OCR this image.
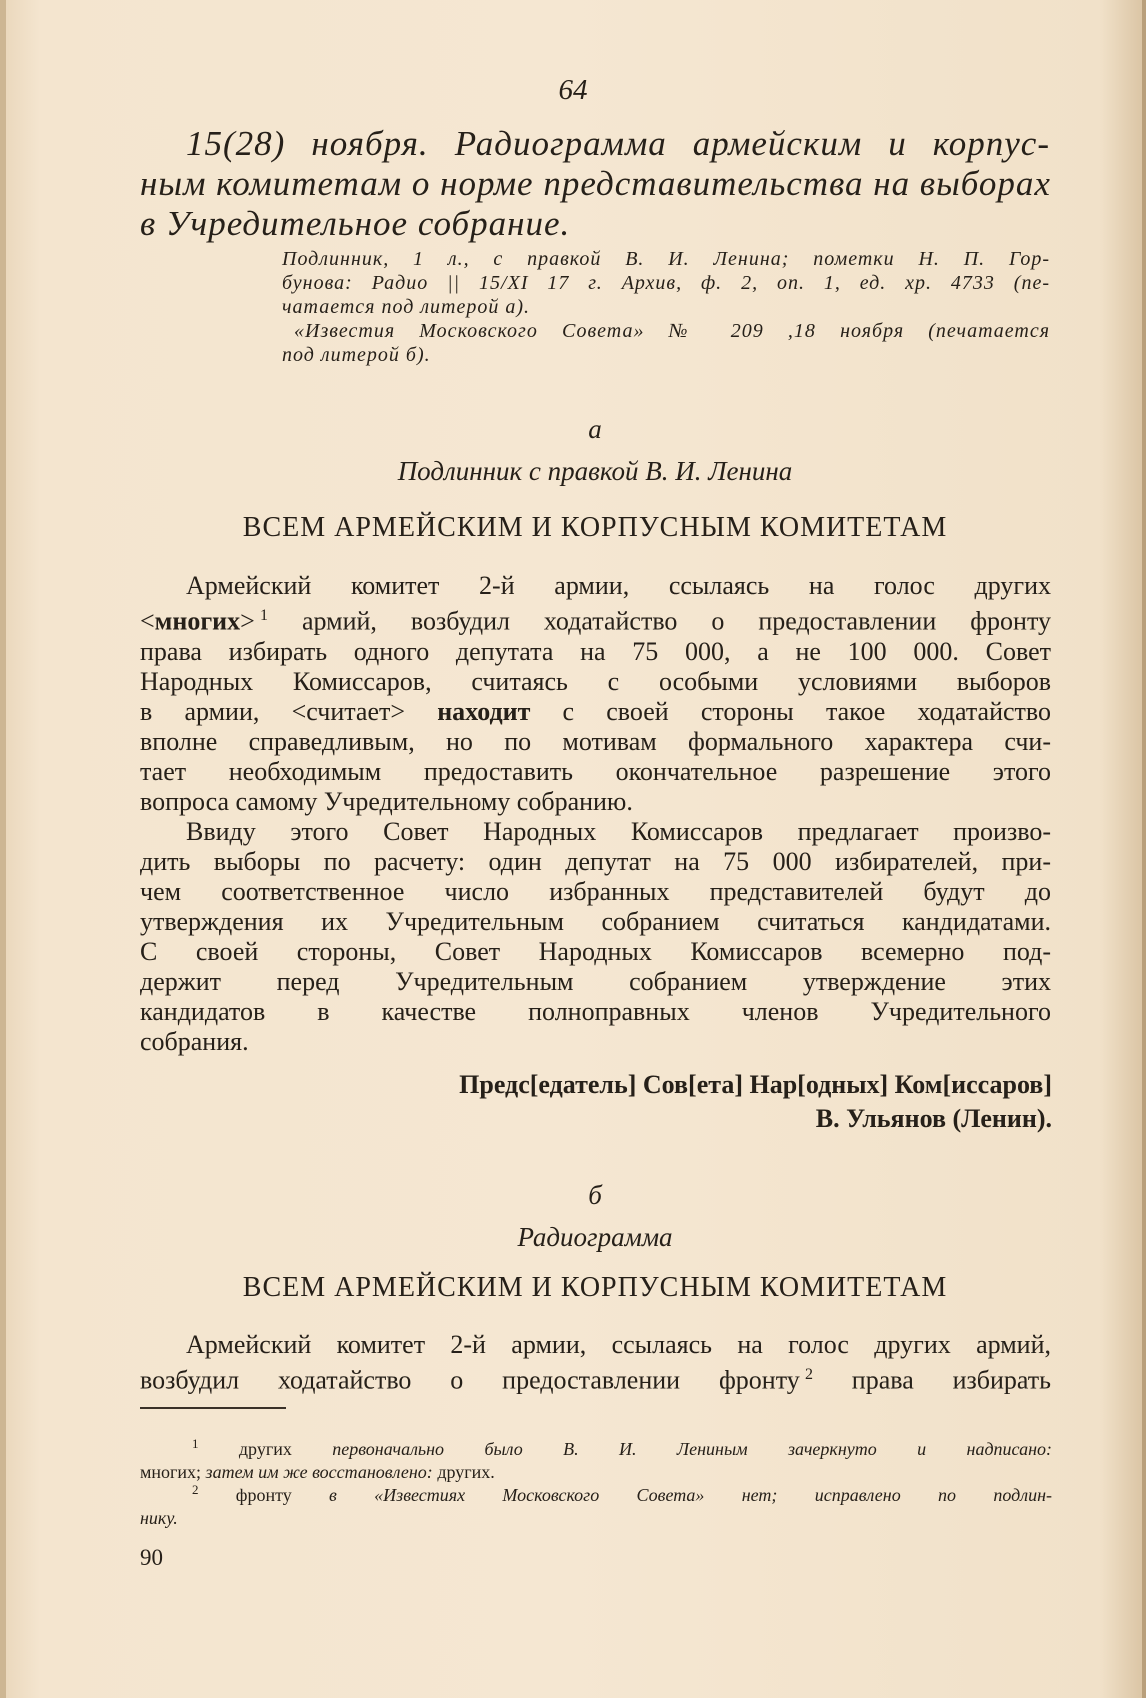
64
15(28) ноября. Радиограмма армейским и корпус-
ным комитетам о норме представительства на выборах
в Учредительное собрание.
Подлинник, 1 л., с правкой В. И. Ленина; пометки Н. П. Гор-
бунова: Радио || 15/XI 17 г. Архив, ф. 2, оп. 1, ед. хр. 4733 (пе-
чатается под литерой а).
«Известия Московского Совета» № 209 ,18 ноября (печатается
под литерой б).
а
Подлинник с правкой В. И. Ленина
ВСЕМ АРМЕЙСКИМ И КОРПУСНЫМ КОМИТЕТАМ
Армейский комитет 2-й армии, ссылаясь на голос других
<многих>  $^1$ армий, возбудил ходатайство о предоставлении фронту
права избирать одного депутата на 75 000, а не 100 000. Совет
Народных Комиссаров, считаясь с особыми условиями выборов
в армии, <считает> находит с своей стороны такое ходатайство
вполне справедливым, но по мотивам формального характера счи-
тает необходимым предоставить окончательное разрешение этого
вопроса самому Учредительному собранию.
Ввиду этого Совет Народных Комиссаров предлагает произво-
дить выборы по расчету: один депутат на 75 000 избирателей, при-
чем соответственное число избранных представителей будут до
утверждения их Учредительным собранием считаться кандидатами.
С своей стороны, Совет Народных Комиссаров всемерно под-
держит перед Учредительным собранием утверждение этих
кандидатов в качестве полноправных членов Учредительного
собрания.
Предс[едатель] Сов[ета] Нар[одных] Ком[иссаров]
В. Ульянов (Ленин).
б
Радиограмма
ВСЕМ АРМЕЙСКИМ И КОРПУСНЫМ КОМИТЕТАМ
Армейский комитет 2-й армии, ссылаясь на голос других армий,
возбудил ходатайство о предоставлении фронту  $^2$ права избирать
$^1$ других первоначально было В. И. Лениным зачеркнуто и надписано:
многих; затем им же восстановлено: других.
$^2$ фронту в «Известиях Московского Совета» нет; исправлено по подлин-
нику.
90
